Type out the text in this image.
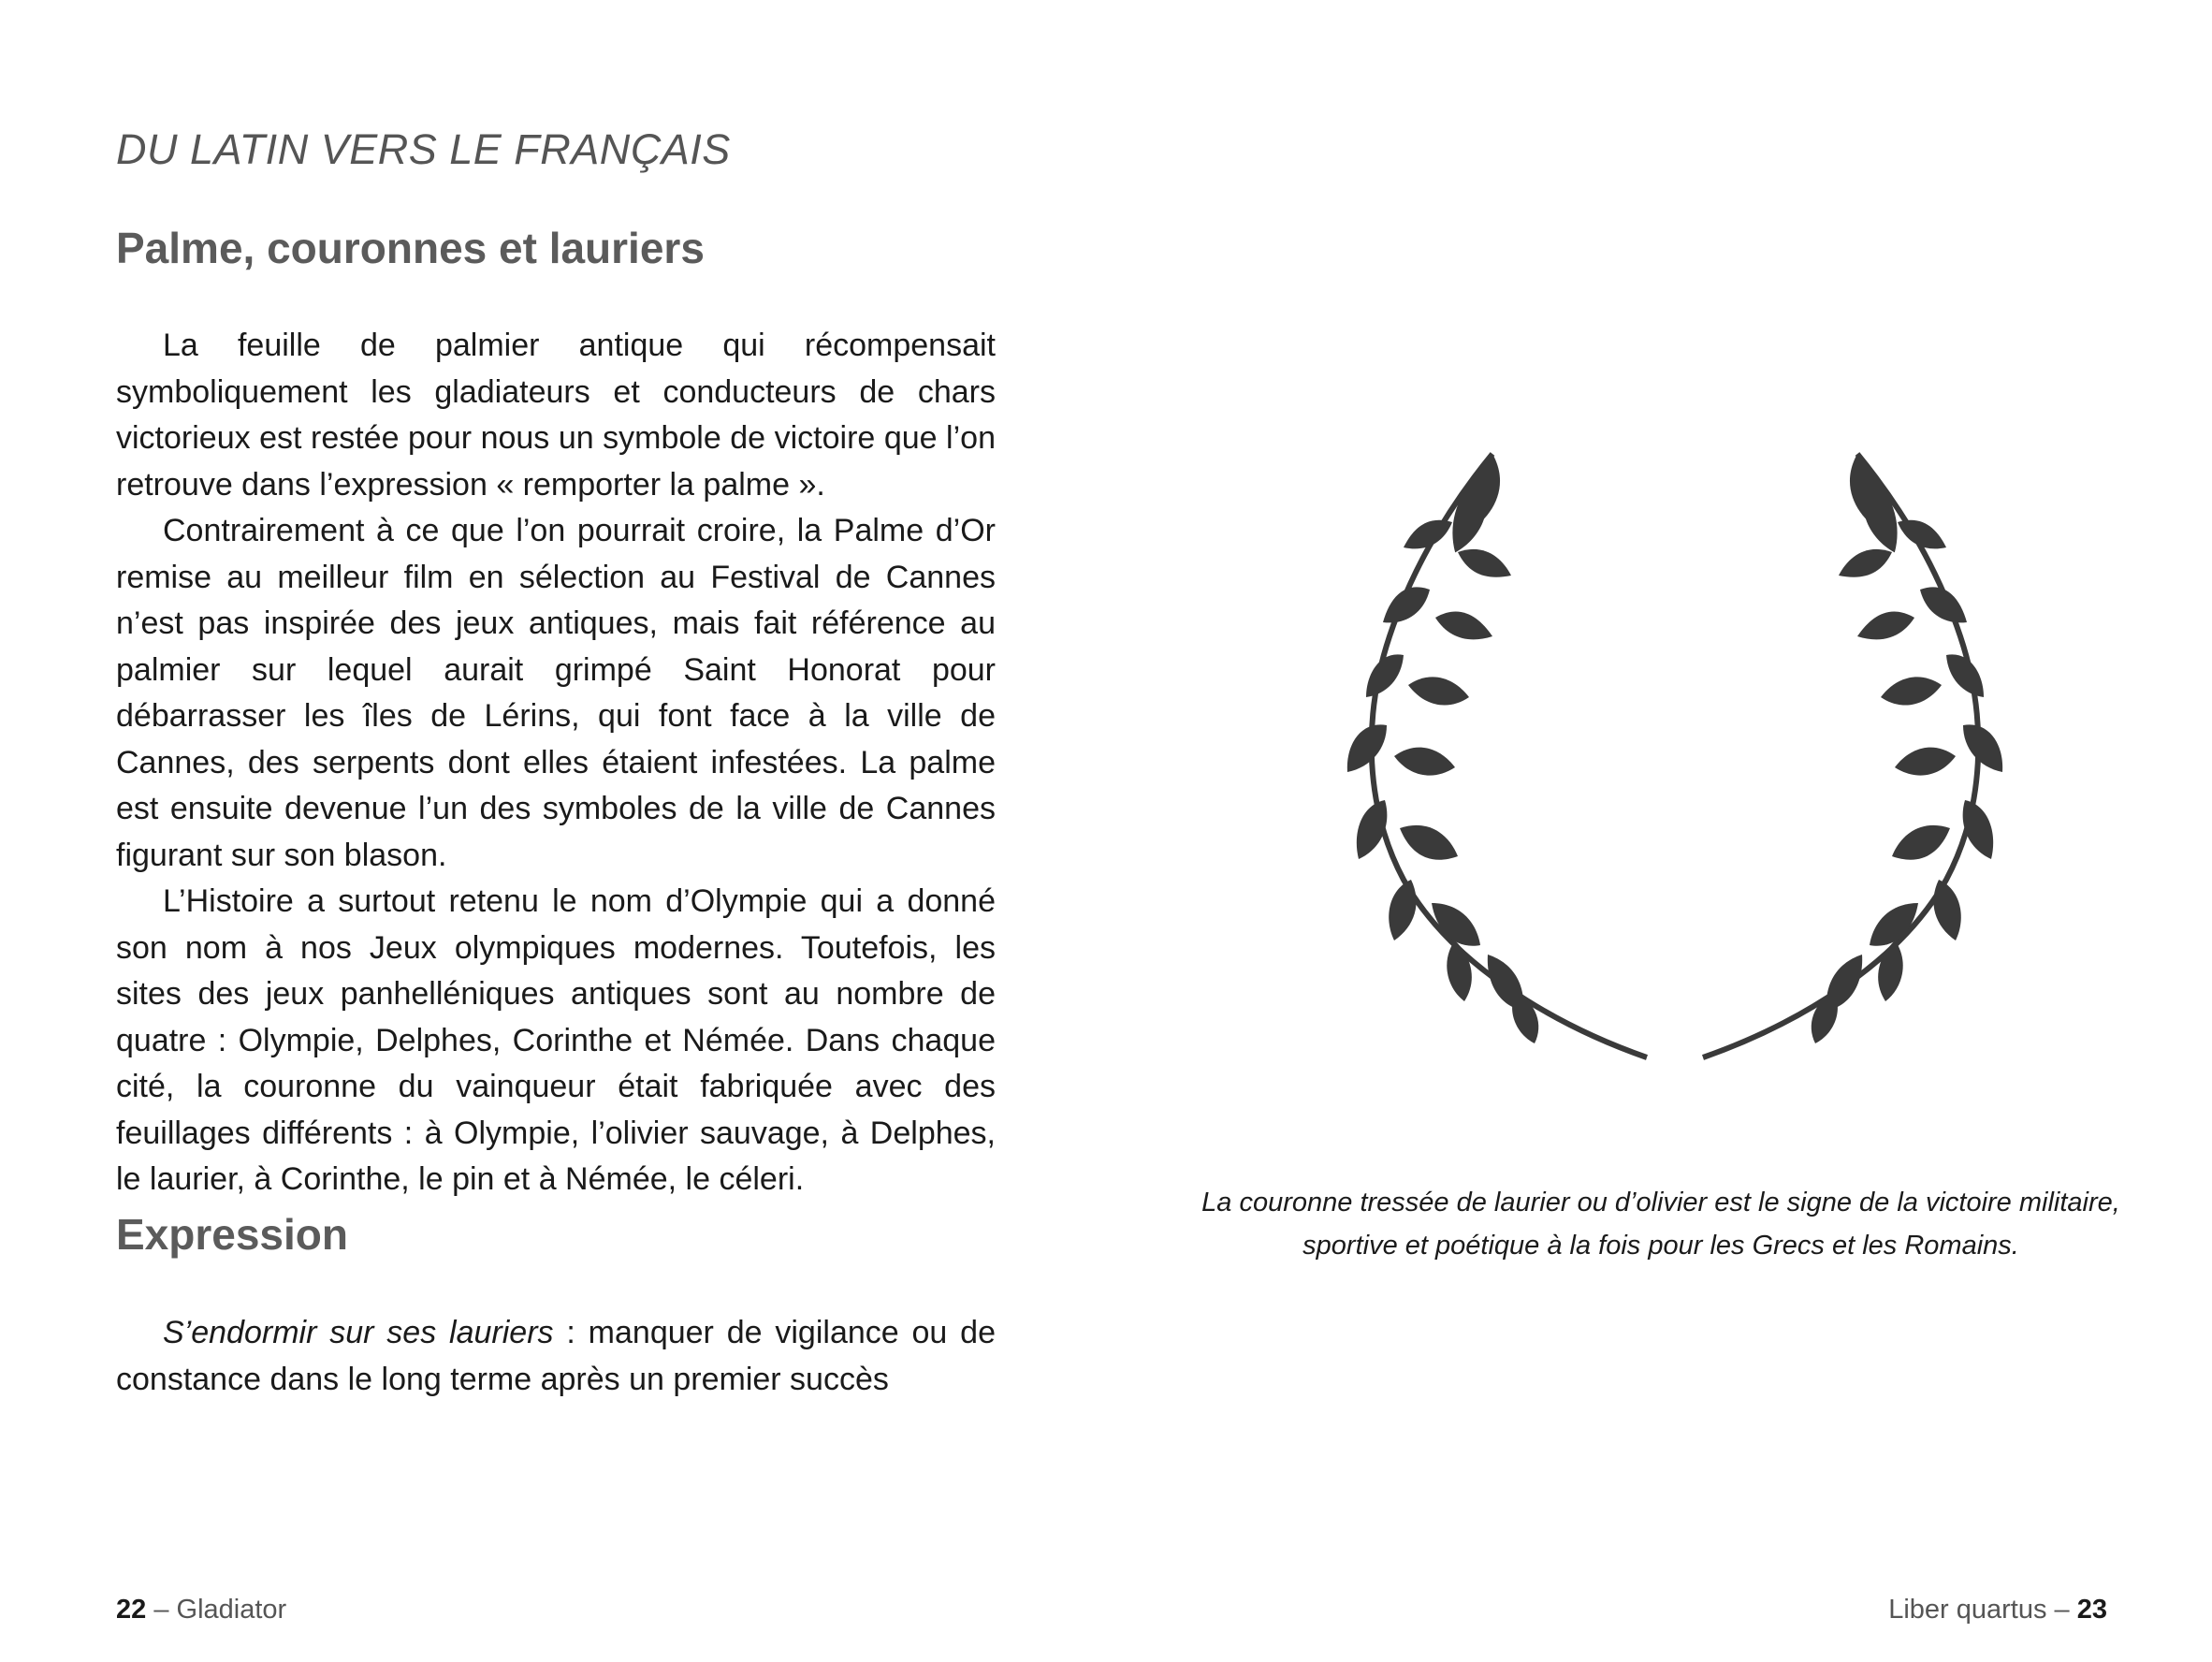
DU LATIN VERS LE FRANÇAIS
Palme, couronnes et lauriers

La feuille de palmier antique qui récompensait symboliquement les gladiateurs et conducteurs de chars victorieux est restée pour nous un symbole de victoire que l’on retrouve dans l’expression « remporter la palme ».

Contrairement à ce que l’on pourrait croire, la Palme d’Or remise au meilleur film en sélection au Festival de Cannes n’est pas inspirée des jeux antiques, mais fait référence au palmier sur lequel aurait grimpé Saint Honorat pour débarrasser les îles de Lérins, qui font face à la ville de Cannes, des serpents dont elles étaient infestées. La palme est ensuite devenue l’un des symboles de la ville de Cannes figurant sur son blason.

L’Histoire a surtout retenu le nom d’Olympie qui a donné son nom à nos Jeux olympiques modernes. Toutefois, les sites des jeux panhelléniques antiques sont au nombre de quatre : Olympie, Delphes, Corinthe et Némée. Dans chaque cité, la couronne du vainqueur était fabriquée avec des feuillages différents : à Olympie, l’olivier sauvage, à Delphes, le laurier, à Corinthe, le pin et à Némée, le céleri.

Expression

S’endormir sur ses lauriers : manquer de vigilance ou de constance dans le long terme après un premier succès

22 – Gladiator

La couronne tressée de laurier ou d’olivier est le signe de la victoire militaire,
sportive et poétique à la fois pour les Grecs et les Romains.

Liber quartus – 23
